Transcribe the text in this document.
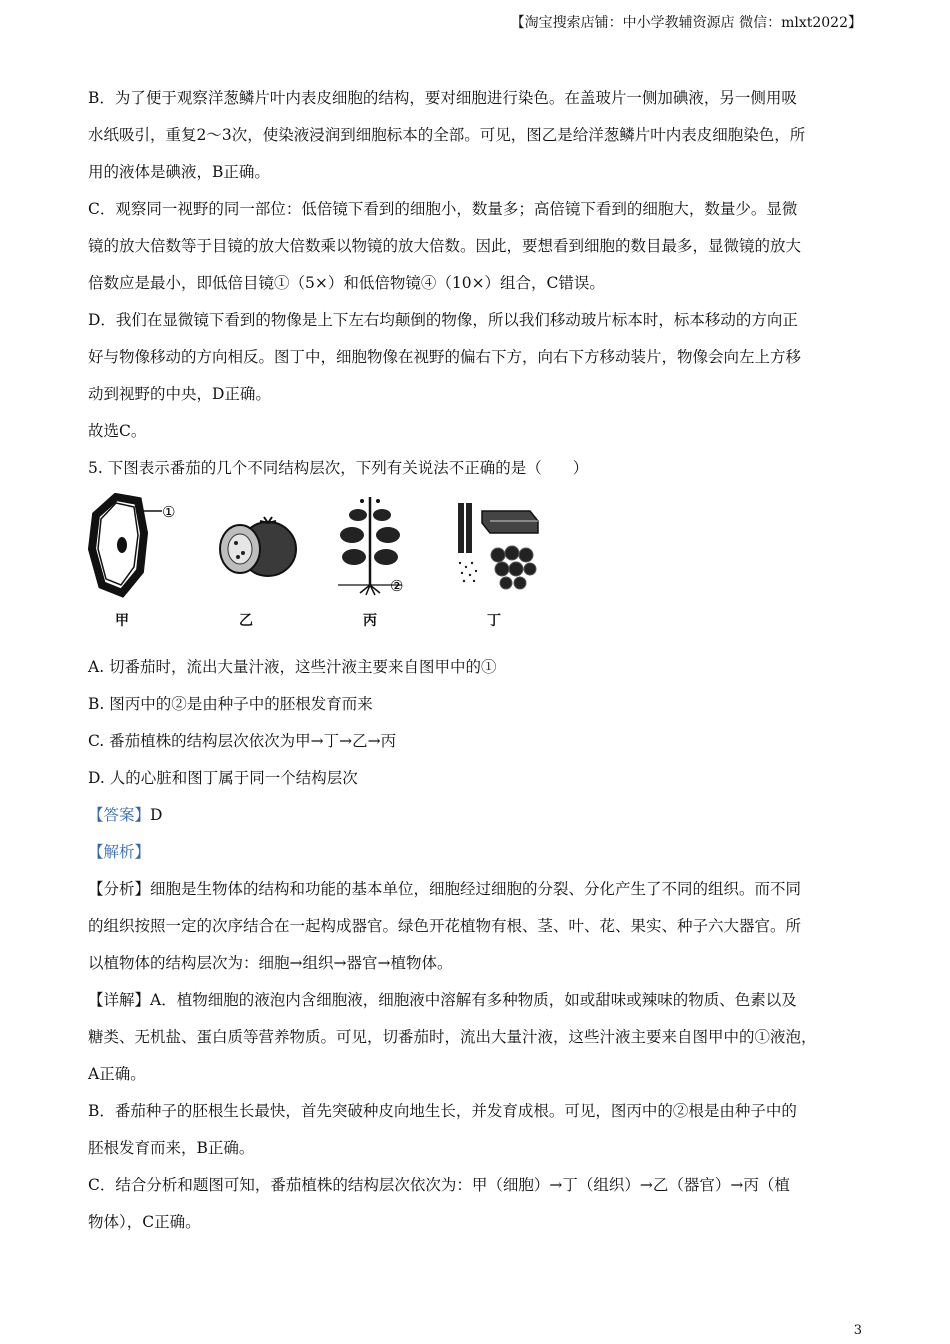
【淘宝搜索店铺：中小学教辅资源店 微信：mlxt2022】

B．为了便于观察洋葱鳞片叶内表皮细胞的结构，要对细胞进行染色。在盖玻片一侧加碘液，另一侧用吸

水纸吸引，重复2～3次，使染液浸润到细胞标本的全部。可见，图乙是给洋葱鳞片叶内表皮细胞染色，所

用的液体是碘液，B正确。

C．观察同一视野的同一部位：低倍镜下看到的细胞小，数量多；高倍镜下看到的细胞大，数量少。显微

镜的放大倍数等于目镜的放大倍数乘以物镜的放大倍数。因此，要想看到细胞的数目最多，显微镜的放大

倍数应是最小，即低倍目镜①（5×）和低倍物镜④（10×）组合，C错误。

D．我们在显微镜下看到的物像是上下左右均颠倒的物像，所以我们移动玻片标本时，标本移动的方向正

好与物像移动的方向相反。图丁中，细胞物像在视野的偏右下方，向右下方移动装片，物像会向左上方移

动到视野的中央，D正确。

故选C。

5. 下图表示番茄的几个不同结构层次，下列有关说法不正确的是（　　）

①
甲	乙
②
丙	丁

A. 切番茄时，流出大量汁液，这些汁液主要来自图甲中的①

B. 图丙中的②是由种子中的胚根发育而来

C. 番茄植株的结构层次依次为甲→丁→乙→丙

D. 人的心脏和图丁属于同一个结构层次

【答案】D

【解析】

【分析】细胞是生物体的结构和功能的基本单位，细胞经过细胞的分裂、分化产生了不同的组织。而不同

的组织按照一定的次序结合在一起构成器官。绿色开花植物有根、茎、叶、花、果实、种子六大器官。所

以植物体的结构层次为：细胞→组织→器官→植物体。

【详解】A．植物细胞的液泡内含细胞液，细胞液中溶解有多种物质，如或甜味或辣味的物质、色素以及

糖类、无机盐、蛋白质等营养物质。可见，切番茄时，流出大量汁液，这些汁液主要来自图甲中的①液泡，

A正确。

B．番茄种子的胚根生长最快，首先突破种皮向地生长，并发育成根。可见，图丙中的②根是由种子中的

胚根发育而来，B正确。

C．结合分析和题图可知，番茄植株的结构层次依次为：甲（细胞）→丁（组织）→乙（器官）→丙（植

物体），C正确。

3
